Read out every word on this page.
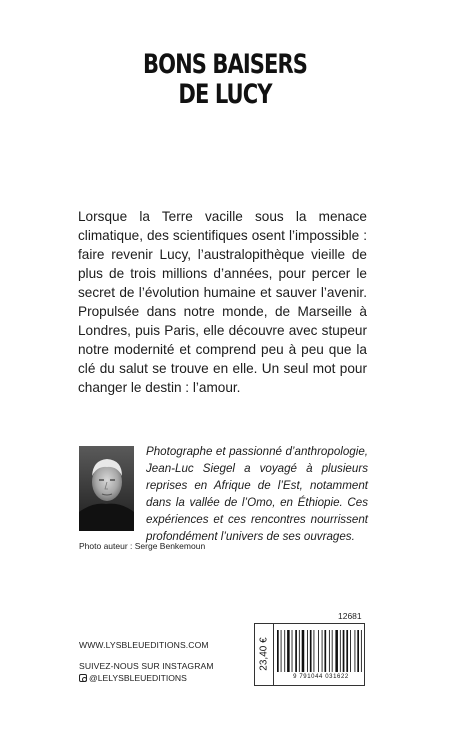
BONS BAISERS
DE LUCY

Lorsque la Terre vacille sous la menace climatique, des scientifiques osent l’impossible : faire revenir Lucy, l’australopithèque vieille de plus de trois millions d’années, pour percer le secret de l’évolution humaine et sauver l’avenir. Propulsée dans notre monde, de Marseille à Londres, puis Paris, elle découvre avec stupeur notre modernité et comprend peu à peu que la clé du salut se trouve en elle. Un seul mot pour changer le destin : l’amour.

Photographe et passionné d’anthropologie, Jean-Luc Siegel a voyagé à plusieurs reprises en Afrique de l’Est, notamment dans la vallée de l’Omo, en Éthiopie. Ces expériences et ces rencontres nourrissent profondément l’univers de ses ouvrages.

Photo auteur : Serge Benkemoun
12681
WWW.LYSBLEUEDITIONS.COM
SUIVEZ-NOUS SUR INSTAGRAM
@LELYSBLEUEDITIONS
23,40 €
9 791044 031622
